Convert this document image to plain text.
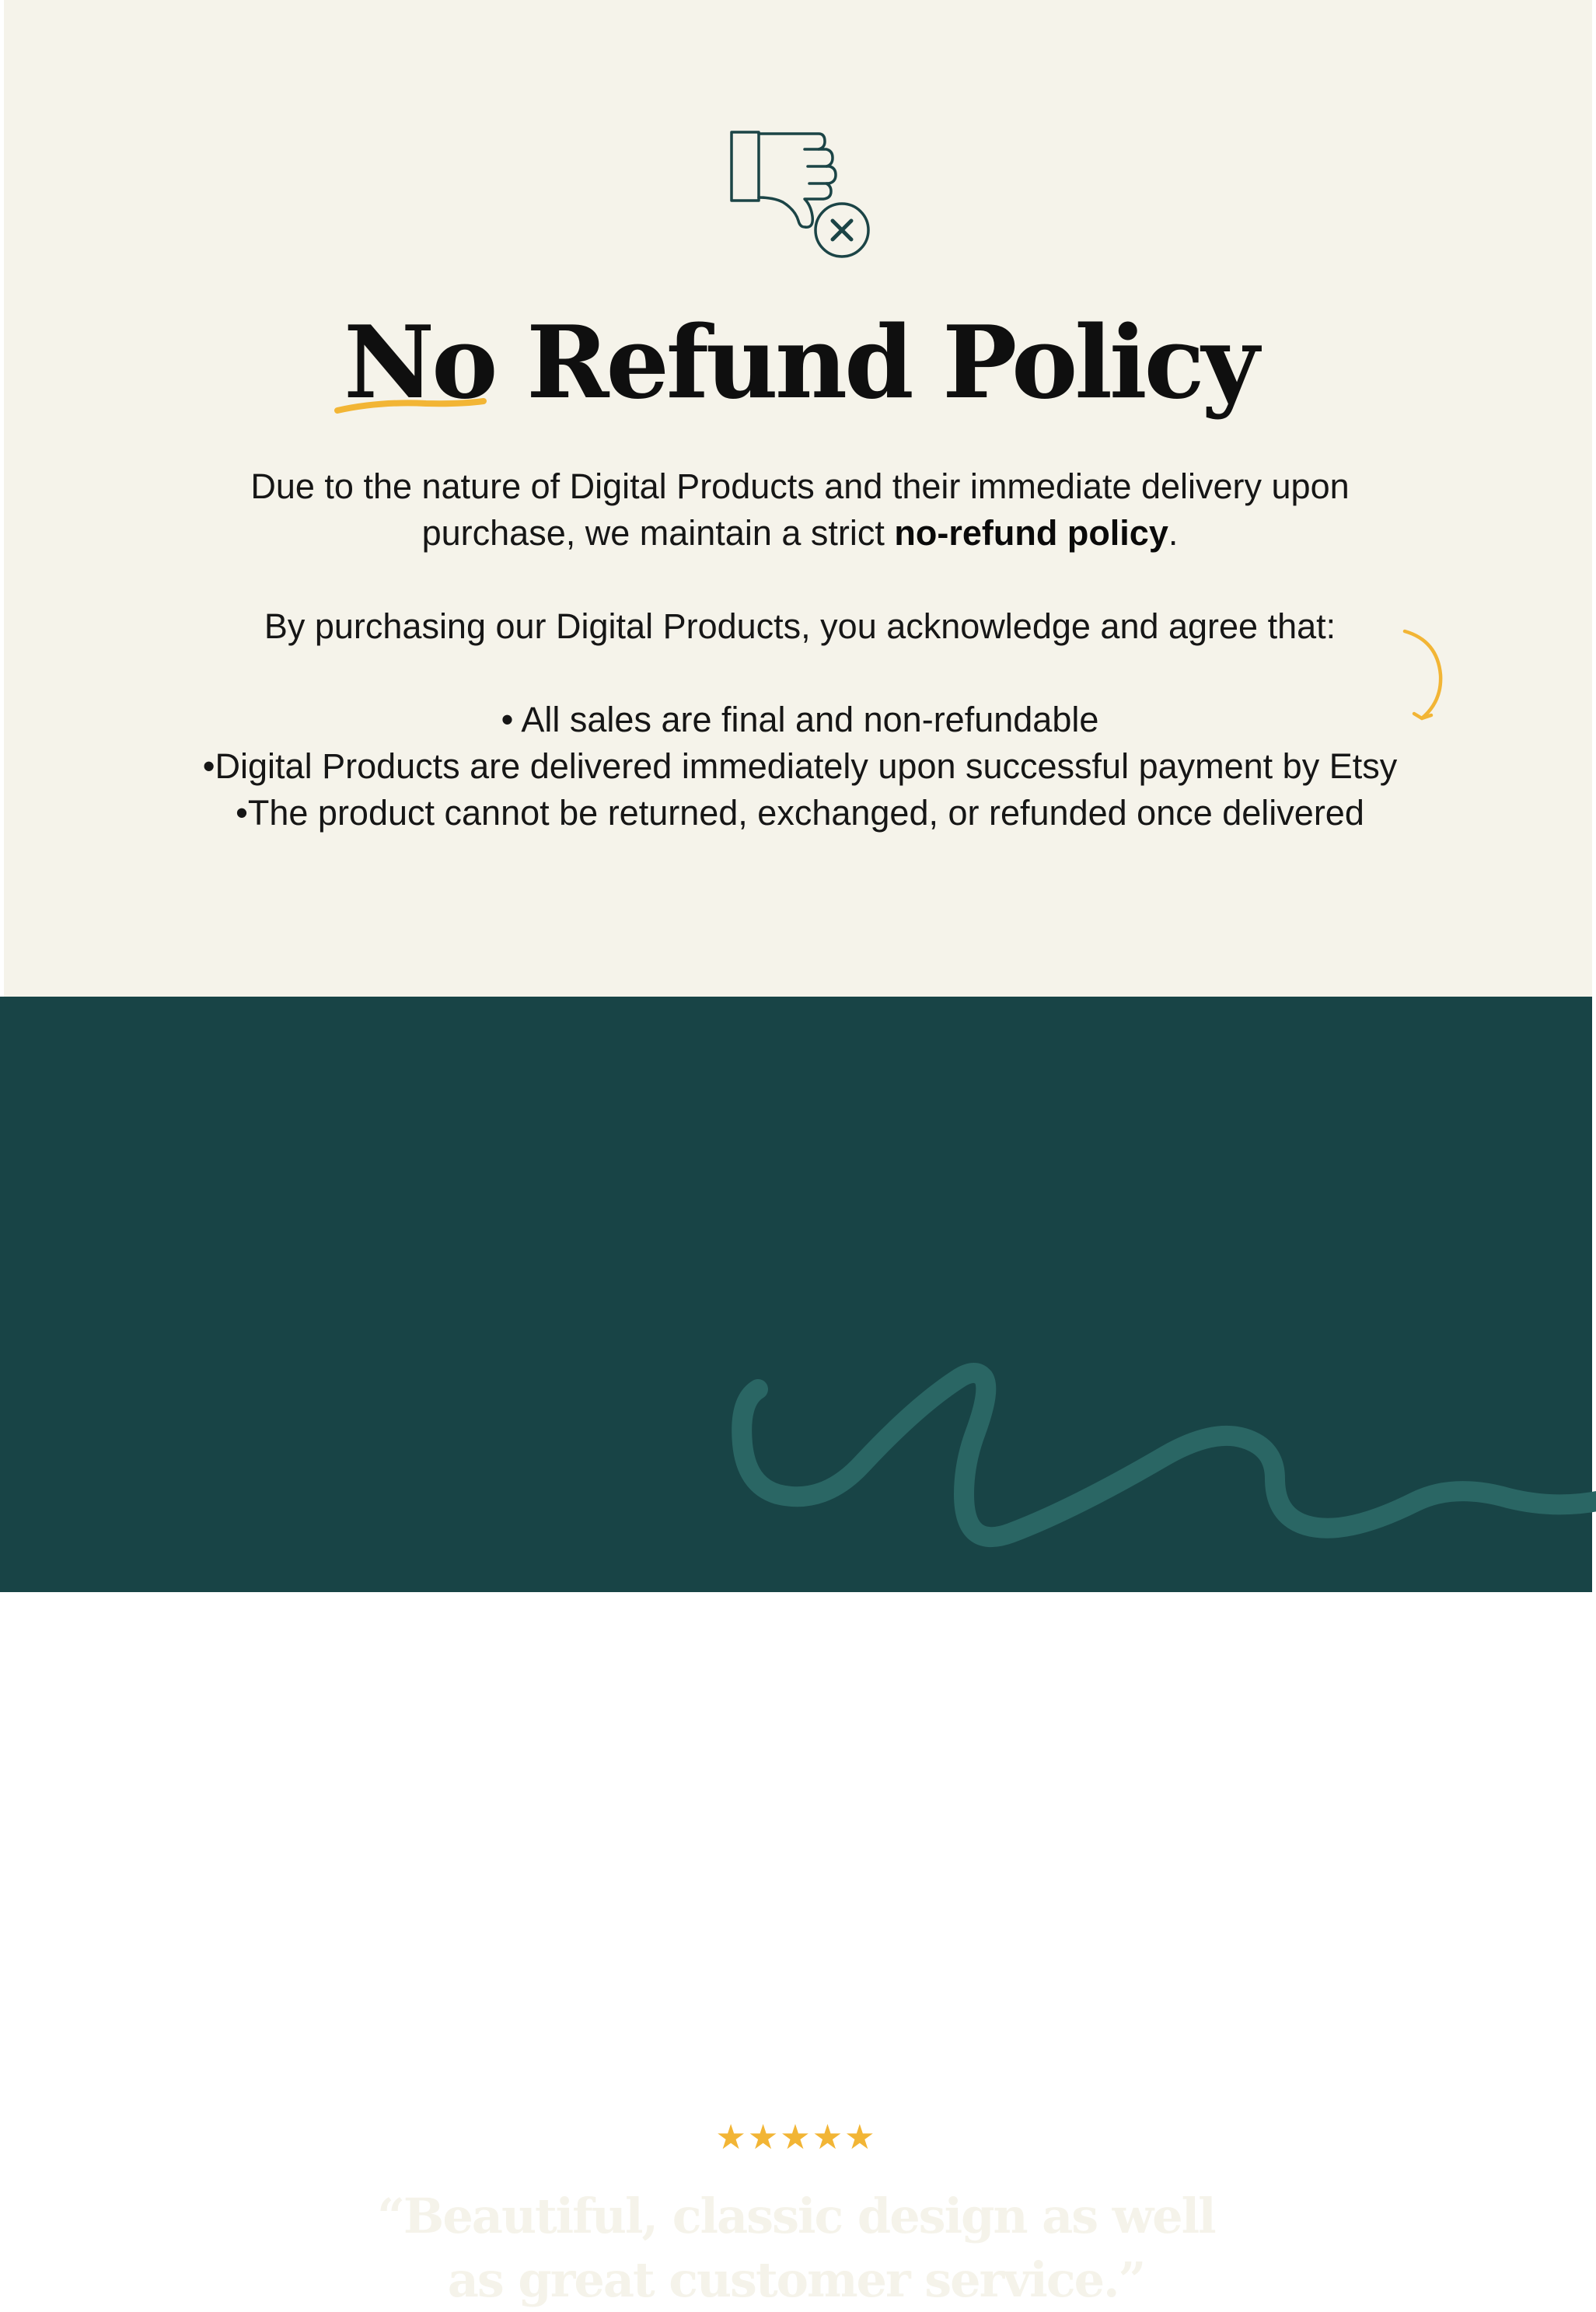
No
Refund Policy
Due to the nature of Digital Products and their immediate delivery upon
purchase, we maintain a strict no-refund policy.
By purchasing our Digital Products, you acknowledge and agree that:
• All sales are final and non-refundable
•Digital Products are delivered immediately upon successful payment by Etsy
•The product cannot be returned, exchanged, or refunded once delivered
★★★★★
“Beautiful, classic design as well
as great customer service.”
